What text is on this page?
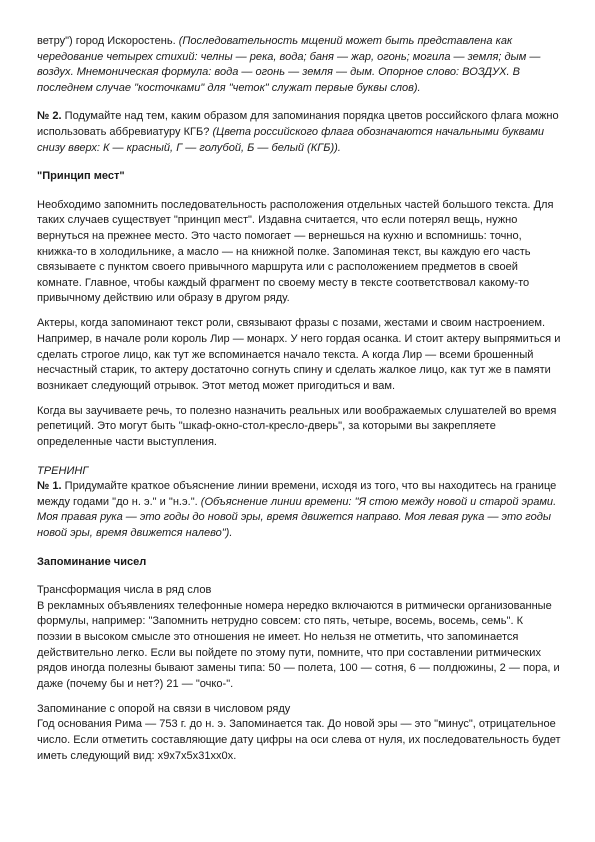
ветру") город Искоростень. (Последовательность мщений может быть представлена как чередование четырех стихий: челны — река, вода; баня — жар, огонь; могила — земля; дым — воздух. Мнемоническая формула: вода — огонь — земля — дым. Опорное слово: ВОЗДУХ. В последнем случае "косточками" для "четок" служат первые буквы слов).

№ 2. Подумайте над тем, каким образом для запоминания порядка цветов российского флага можно использовать аббревиатуру КГБ? (Цвета российского флага обозначаются начальными буквами снизу вверх: К — красный, Г — голубой, Б — белый (КГБ)).

"Принцип мест"

Необходимо запомнить последовательность расположения отдельных частей большого текста. Для таких случаев существует "принцип мест". Издавна считается, что если потерял вещь, нужно вернуться на прежнее место. Это часто помогает — вернешься на кухню и вспомнишь: точно, книжка-то в холодильнике, а масло — на книжной полке. Запоминая текст, вы каждую его часть связываете с пунктом своего привычного маршрута или с расположением предметов в своей комнате. Главное, чтобы каждый фрагмент по своему месту в тексте соответствовал какому-то привычному действию или образу в другом ряду.

Актеры, когда запоминают текст роли, связывают фразы с позами, жестами и своим настроением. Например, в начале роли король Лир — монарх. У него гордая осанка. И стоит актеру выпрямиться и сделать строгое лицо, как тут же вспоминается начало текста. А когда Лир — всеми брошенный несчастный старик, то актеру достаточно согнуть спину и сделать жалкое лицо, как тут же в памяти возникает следующий отрывок. Этот метод может пригодиться и вам.

Когда вы заучиваете речь, то полезно назначить реальных или воображаемых слушателей во время репетиций. Это могут быть "шкаф-окно-стол-кресло-дверь", за которыми вы закрепляете определенные части выступления.

ТРЕНИНГ

№ 1. Придумайте краткое объяснение линии времени, исходя из того, что вы находитесь на границе между годами "до н. э." и "н.э.". (Объяснение линии времени: "Я стою между новой и старой эрами. Моя правая рука — это годы до новой эры, время движется направо. Моя левая рука — это годы новой эры, время движется налево").

Запоминание чисел

Трансформация числа в ряд слов

В рекламных объявлениях телефонные номера нередко включаются в ритмически организованные формулы, например: "Запомнить нетрудно совсем: сто пять, четыре, восемь, восемь, семь". К поэзии в высоком смысле это отношения не имеет. Но нельзя не отметить, что запоминается действительно легко. Если вы пойдете по этому пути, помните, что при составлении ритмических рядов иногда полезны бывают замены типа: 50 — полета, 100 — сотня, 6 — полдюжины, 2 — пора, и даже (почему бы и нет?) 21 — "очко-".

Запоминание с опорой на связи в числовом ряду

Год основания Рима — 753 г. до н. э. Запоминается так. До новой эры — это "минус", отрицательное число. Если отметить составляющие дату цифры на оси слева от нуля, их последовательность будет иметь следующий вид: x9x7x5x31xx0x.
